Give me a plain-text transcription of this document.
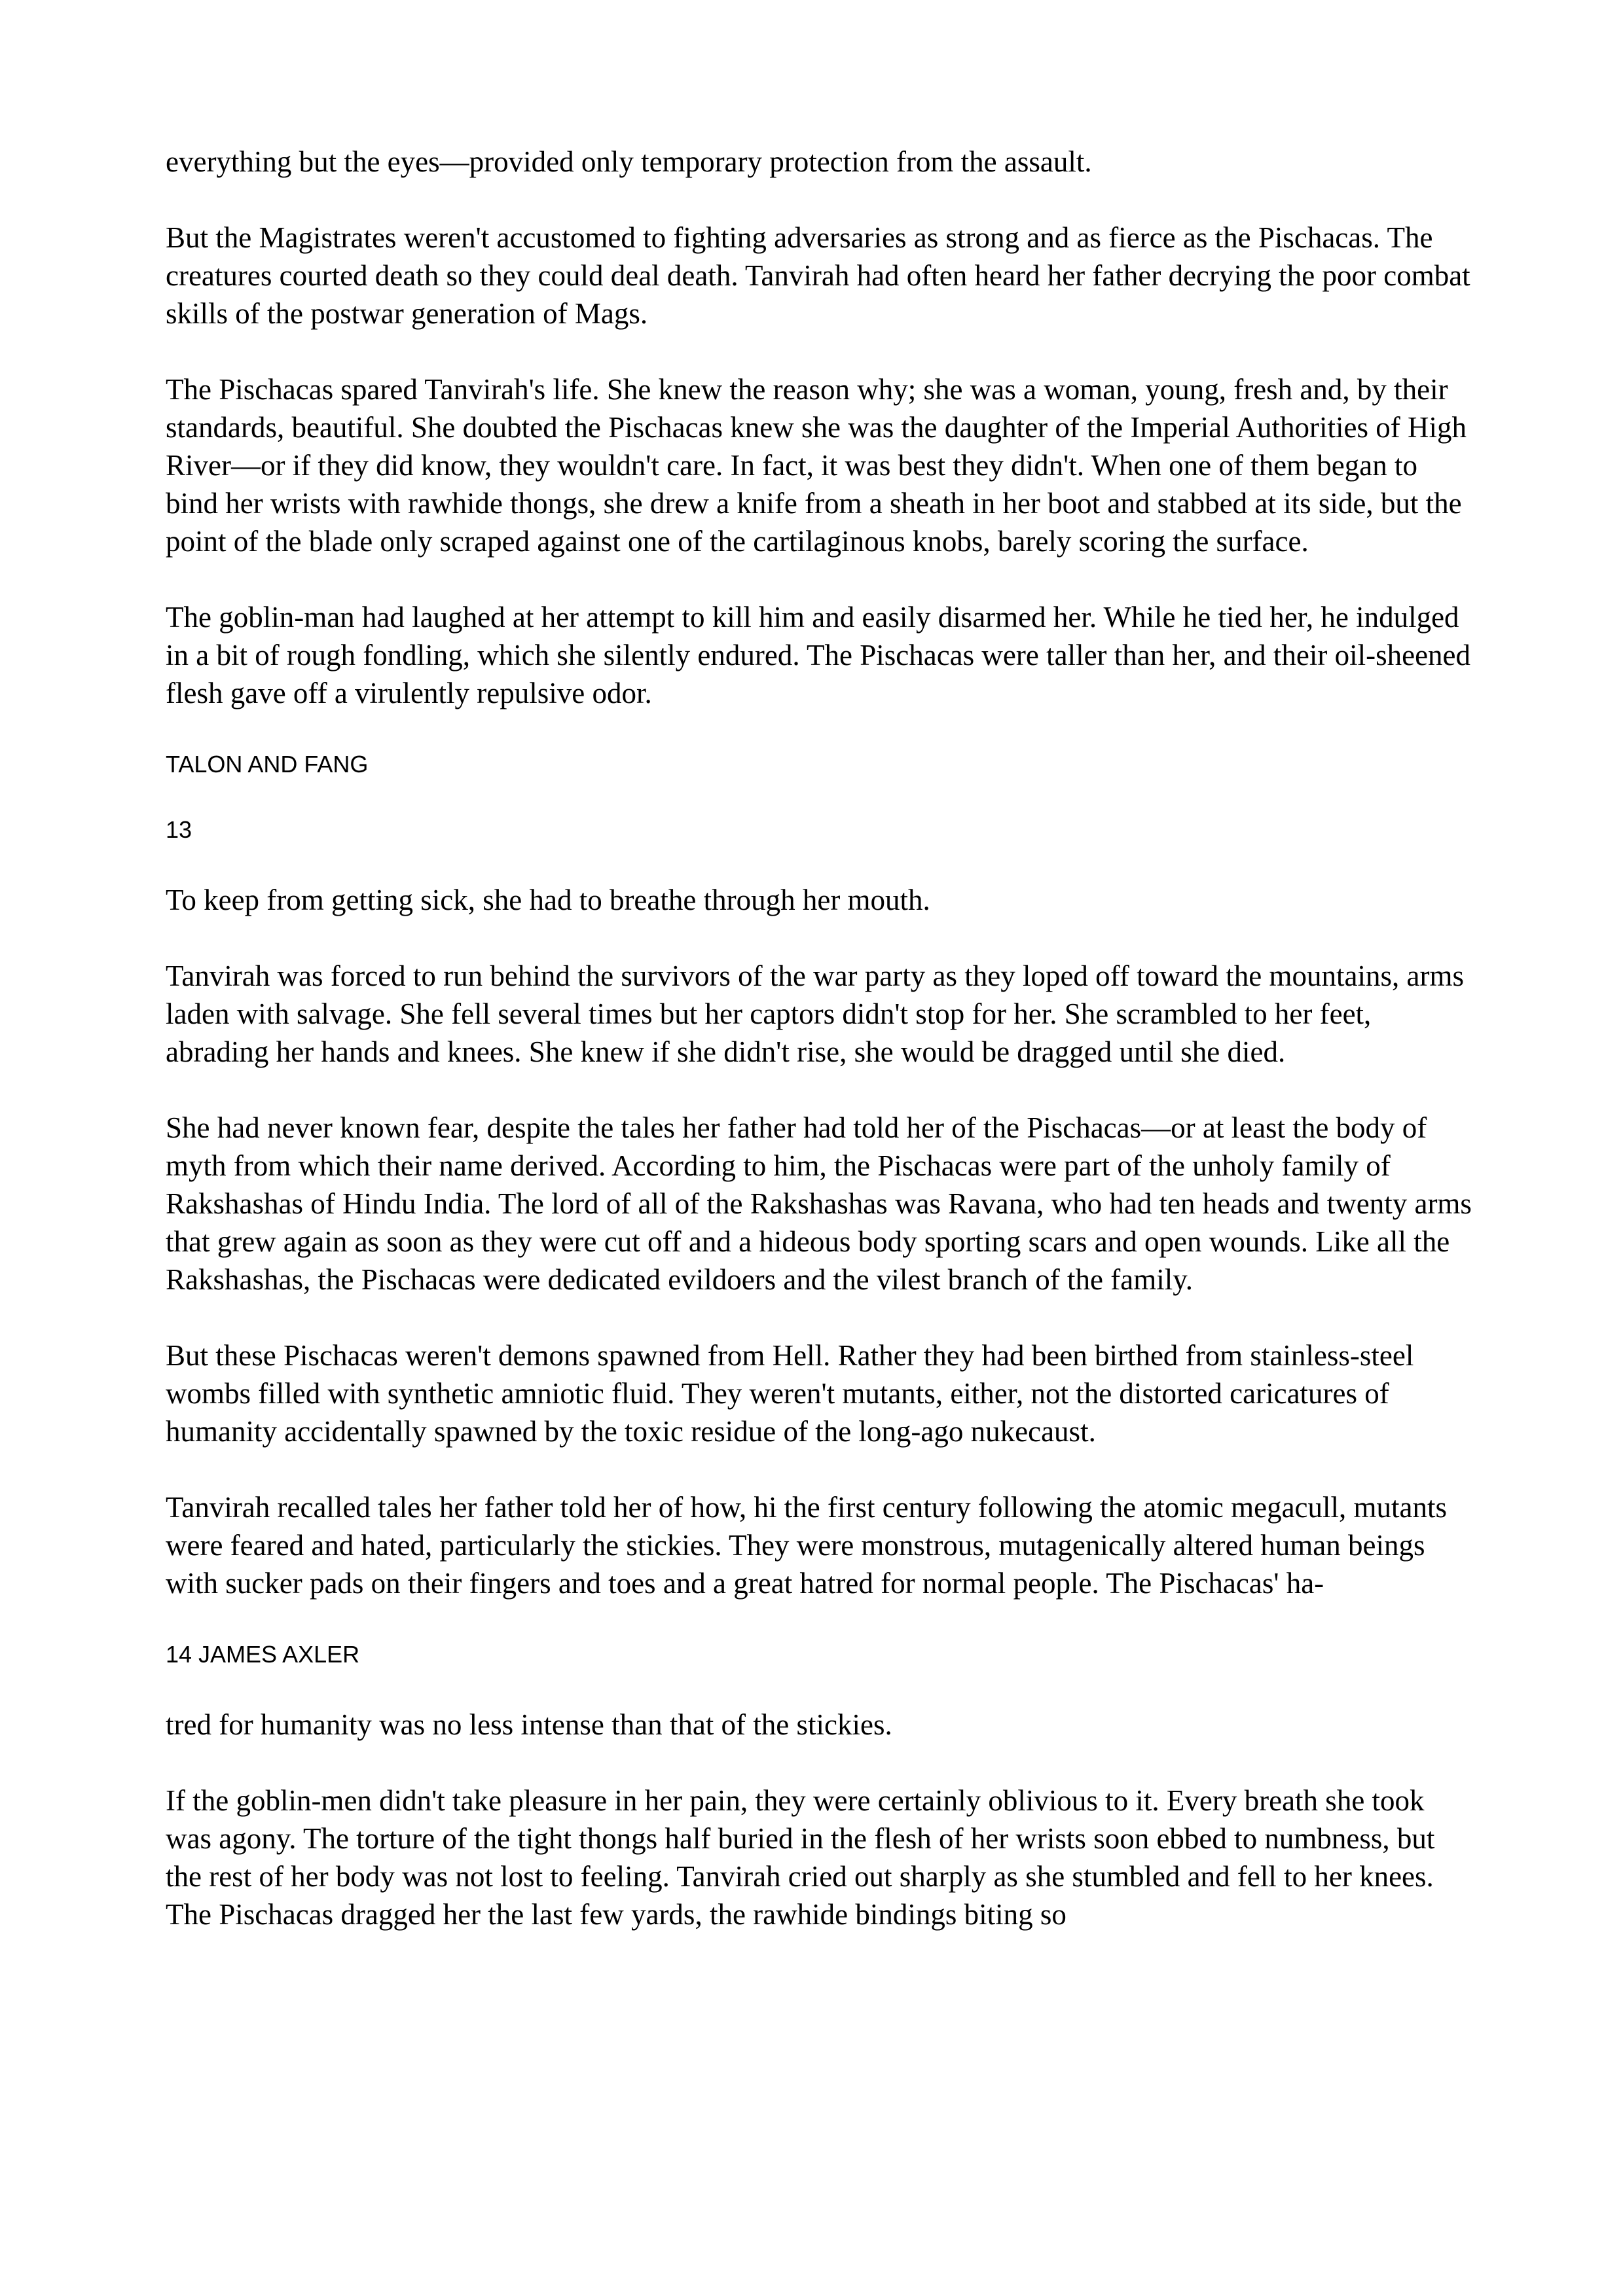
everything but the eyes—provided only temporary protection from the assault.

But the Magistrates weren't accustomed to fighting adversaries as strong and as fierce as the Pischacas. The creatures courted death so they could deal death. Tanvirah had often heard her father decrying the poor combat skills of the postwar generation of Mags.

The Pischacas spared Tanvirah's life. She knew the reason why; she was a woman, young, fresh and, by their standards, beautiful. She doubted the Pischacas knew she was the daughter of the Imperial Authorities of High River—or if they did know, they wouldn't care. In fact, it was best they didn't. When one of them began to bind her wrists with rawhide thongs, she drew a knife from a sheath in her boot and stabbed at its side, but the point of the blade only scraped against one of the cartilaginous knobs, barely scoring the surface.

The goblin-man had laughed at her attempt to kill him and easily disarmed her. While he tied her, he indulged in a bit of rough fondling, which she silently endured. The Pischacas were taller than her, and their oil-sheened flesh gave off a virulently repulsive odor.

TALON AND FANG
13

To keep from getting sick, she had to breathe through her mouth.

Tanvirah was forced to run behind the survivors of the war party as they loped off toward the mountains, arms laden with salvage. She fell several times but her captors didn't stop for her. She scrambled to her feet, abrading her hands and knees. She knew if she didn't rise, she would be dragged until she died.

She had never known fear, despite the tales her father had told her of the Pischacas—or at least the body of myth from which their name derived. According to him, the Pischacas were part of the unholy family of Rakshashas of Hindu India. The lord of all of the Rakshashas was Ravana, who had ten heads and twenty arms that grew again as soon as they were cut off and a hideous body sporting scars and open wounds. Like all the Rakshashas, the Pischacas were dedicated evildoers and the vilest branch of the family.

But these Pischacas weren't demons spawned from Hell. Rather they had been birthed from stainless-steel wombs filled with synthetic amniotic fluid. They weren't mutants, either, not the distorted caricatures of humanity accidentally spawned by the toxic residue of the long-ago nukecaust.

Tanvirah recalled tales her father told her of how, hi the first century following the atomic megacull, mutants were feared and hated, particularly the stickies. They were monstrous, mutagenically altered human beings with sucker pads on their fingers and toes and a great hatred for normal people. The Pischacas' ha-

14 JAMES AXLER

tred for humanity was no less intense than that of the stickies.

If the goblin-men didn't take pleasure in her pain, they were certainly oblivious to it. Every breath she took was agony. The torture of the tight thongs half buried in the flesh of her wrists soon ebbed to numbness, but the rest of her body was not lost to feeling. Tanvirah cried out sharply as she stumbled and fell to her knees. The Pischacas dragged her the last few yards, the rawhide bindings biting so
